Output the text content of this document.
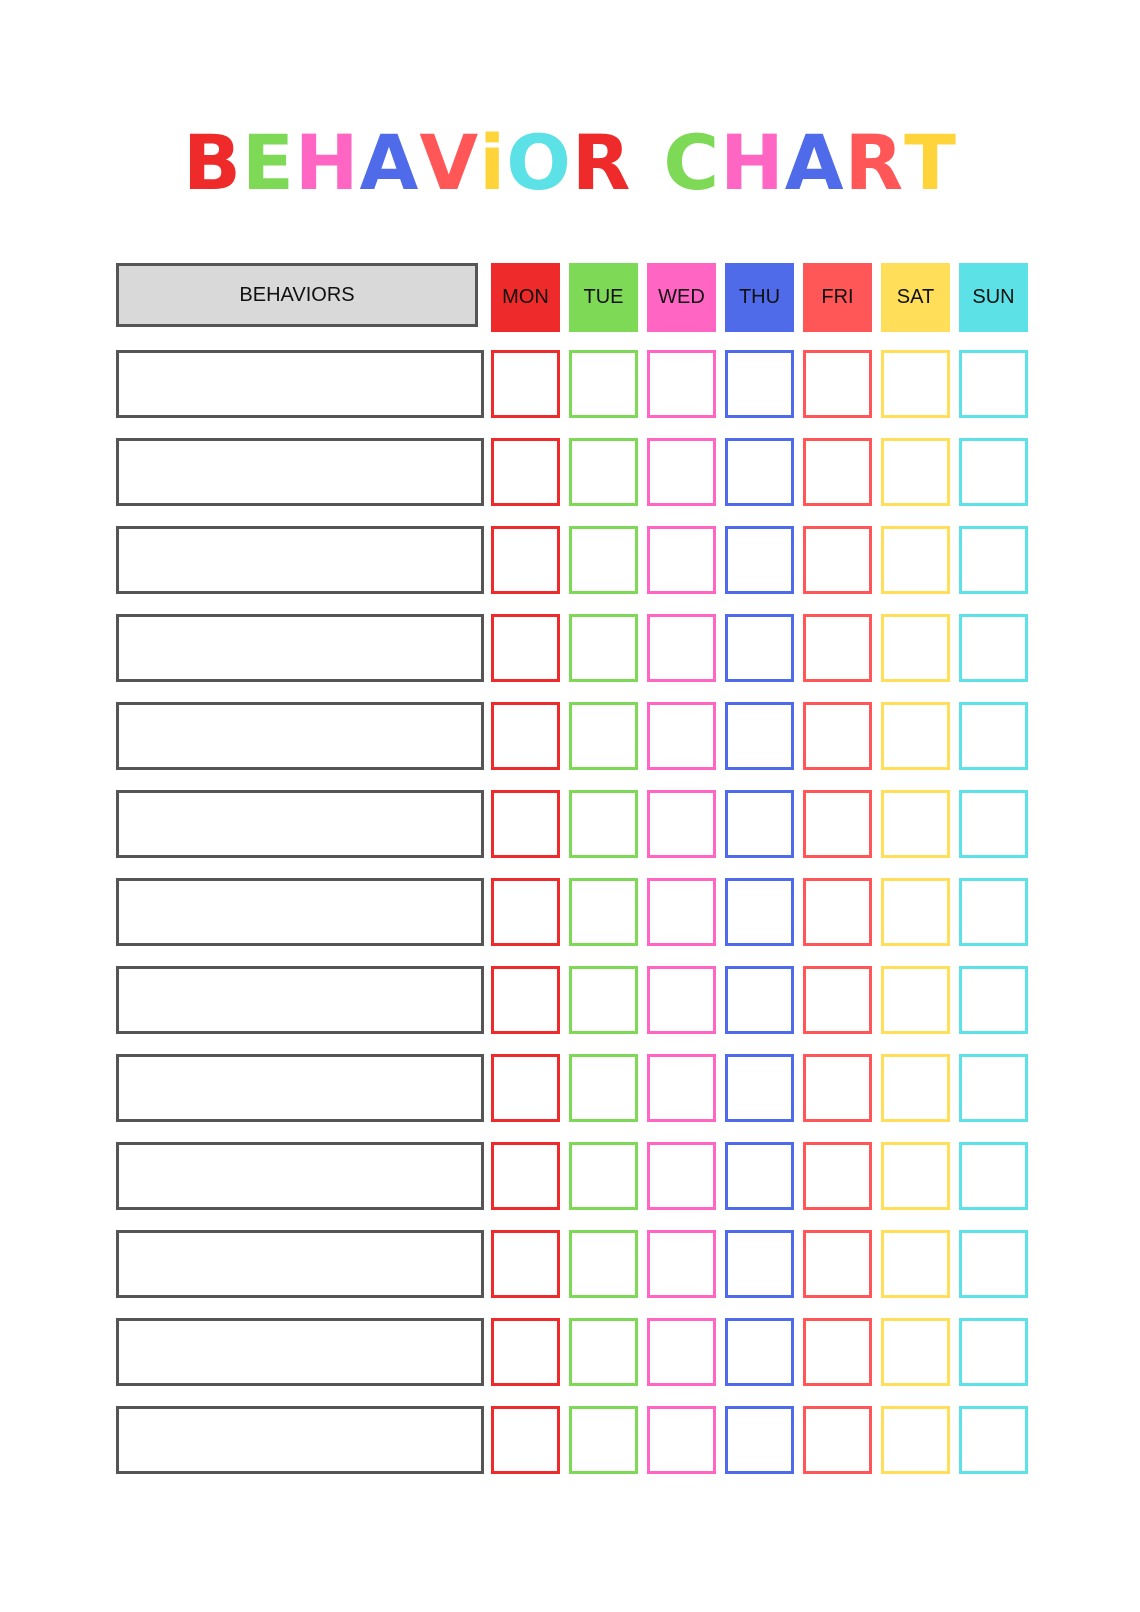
BEHAViOR CHART
BEHAVIORS	MON	TUE	WED	THU	FRI	SAT	SUN
